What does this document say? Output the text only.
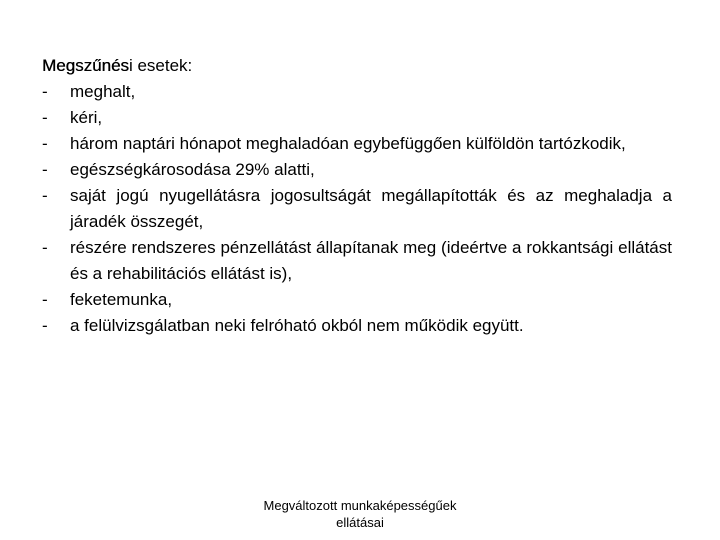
Megszűnési esetek:

-	meghalt,
-	kéri,
-	három naptári hónapot meghaladóan egybefüggően külföldön tartózkodik,
-	egészségkárosodása 29% alatti,
-	saját jogú nyugellátásra jogosultságát megállapították és az meghaladja a járadék összegét,
-	részére rendszeres pénzellátást állapítanak meg (ideértve a rokkantsági ellátást és a rehabilitációs ellátást is),
-	feketemunka,
-	a felülvizsgálatban neki felróható okból nem működik együtt.
Megváltozott munkaképességűek
ellátásai
